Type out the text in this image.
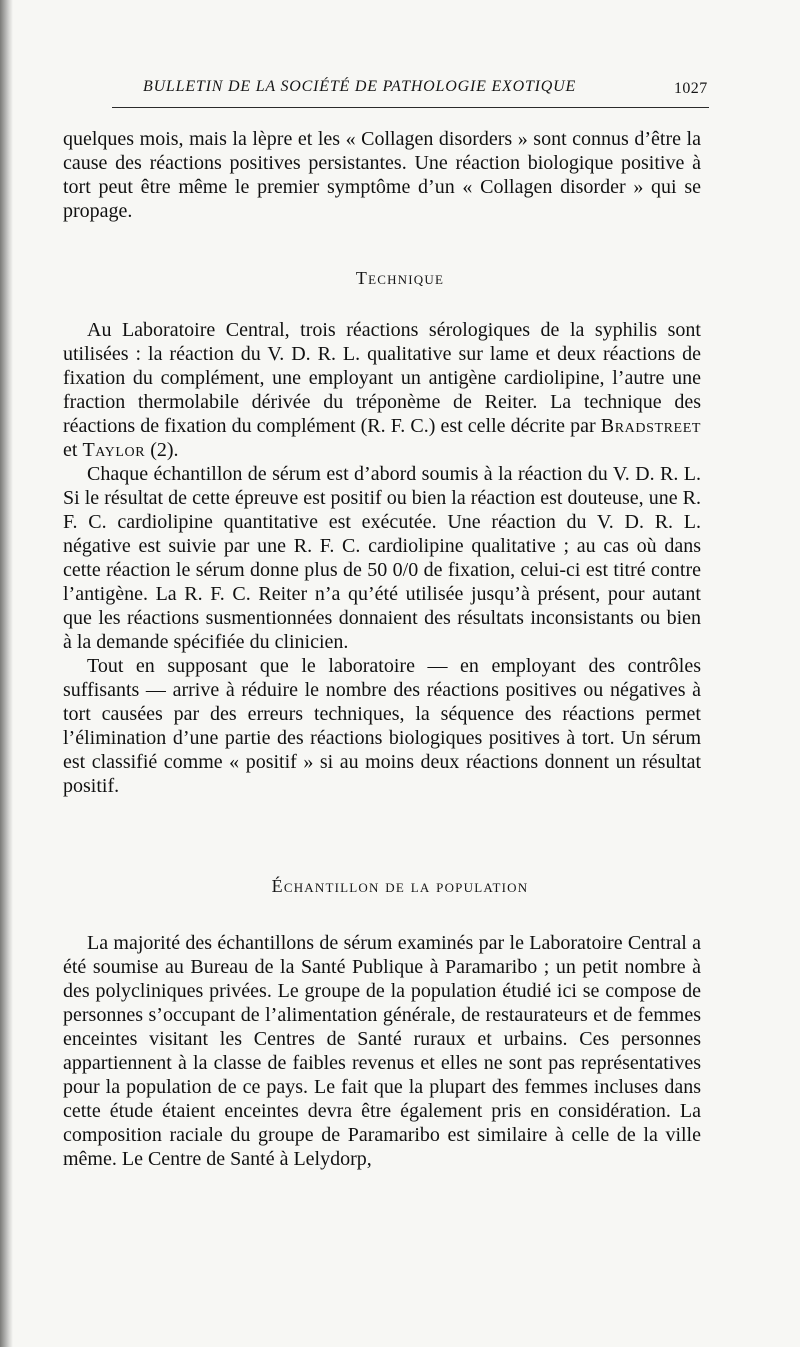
BULLETIN DE LA SOCIÉTÉ DE PATHOLOGIE EXOTIQUE	1027

quelques mois, mais la lèpre et les « Collagen disorders » sont connus d’être la cause des réactions positives persistantes. Une réaction biologique positive à tort peut être même le premier symptôme d’un « Collagen disorder » qui se propage.

Technique

Au Laboratoire Central, trois réactions sérologiques de la syphilis sont utilisées : la réaction du V. D. R. L. qualitative sur lame et deux réactions de fixation du complément, une employant un antigène cardiolipine, l’autre une fraction thermolabile dérivée du tréponème de Reiter. La technique des réactions de fixation du complément (R. F. C.) est celle décrite par Bradstreet et Taylor (2).

Chaque échantillon de sérum est d’abord soumis à la réaction du V. D. R. L. Si le résultat de cette épreuve est positif ou bien la réaction est douteuse, une R. F. C. cardiolipine quantitative est exécutée. Une réaction du V. D. R. L. négative est suivie par une R. F. C. cardiolipine qualitative ; au cas où dans cette réaction le sérum donne plus de 50 0/0 de fixation, celui-ci est titré contre l’antigène. La R. F. C. Reiter n’a qu’été utilisée jusqu’à présent, pour autant que les réactions susmentionnées donnaient des résultats inconsistants ou bien à la demande spécifiée du clinicien.

Tout en supposant que le laboratoire — en employant des contrôles suffisants — arrive à réduire le nombre des réactions positives ou négatives à tort causées par des erreurs techniques, la séquence des réactions permet l’élimination d’une partie des réactions biologiques positives à tort. Un sérum est classifié comme « positif » si au moins deux réactions donnent un résultat positif.

Échantillon de la population

La majorité des échantillons de sérum examinés par le Laboratoire Central a été soumise au Bureau de la Santé Publique à Paramaribo ; un petit nombre à des polycliniques privées. Le groupe de la population étudié ici se compose de personnes s’occupant de l’alimentation générale, de restaurateurs et de femmes enceintes visitant les Centres de Santé ruraux et urbains. Ces personnes appartiennent à la classe de faibles revenus et elles ne sont pas représentatives pour la population de ce pays. Le fait que la plupart des femmes incluses dans cette étude étaient enceintes devra être également pris en considération. La composition raciale du groupe de Paramaribo est similaire à celle de la ville même. Le Centre de Santé à Lelydorp,
